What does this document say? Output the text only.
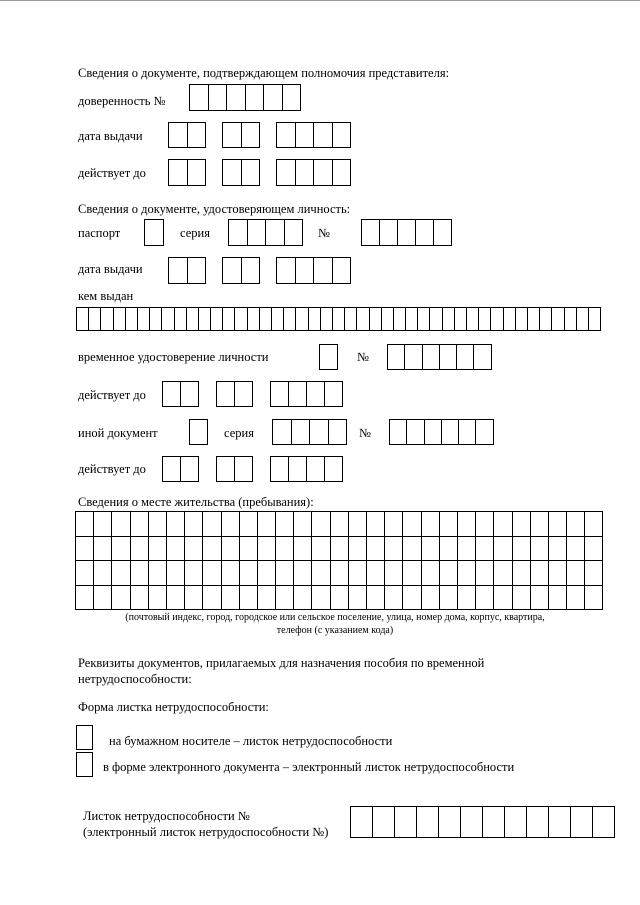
Сведения о документе, подтверждающем полномочия представителя:
доверенность №
дата выдачи
действует до
Сведения о документе, удостоверяющем личность:
паспорт	серия	№
дата выдачи
кем выдан
временное удостоверение личности	№
действует до
иной документ	серия	№
действует до
Сведения о месте жительства (пребывания):
(почтовый индекс, город, городское или сельское поселение, улица, номер дома, корпус, квартира,
телефон (с указанием кода)
Реквизиты документов, прилагаемых для назначения пособия по временной
нетрудоспособности:
Форма листка нетрудоспособности:
на бумажном носителе – листок нетрудоспособности
в форме электронного документа – электронный листок нетрудоспособности
Листок нетрудоспособности №
(электронный листок нетрудоспособности №)
